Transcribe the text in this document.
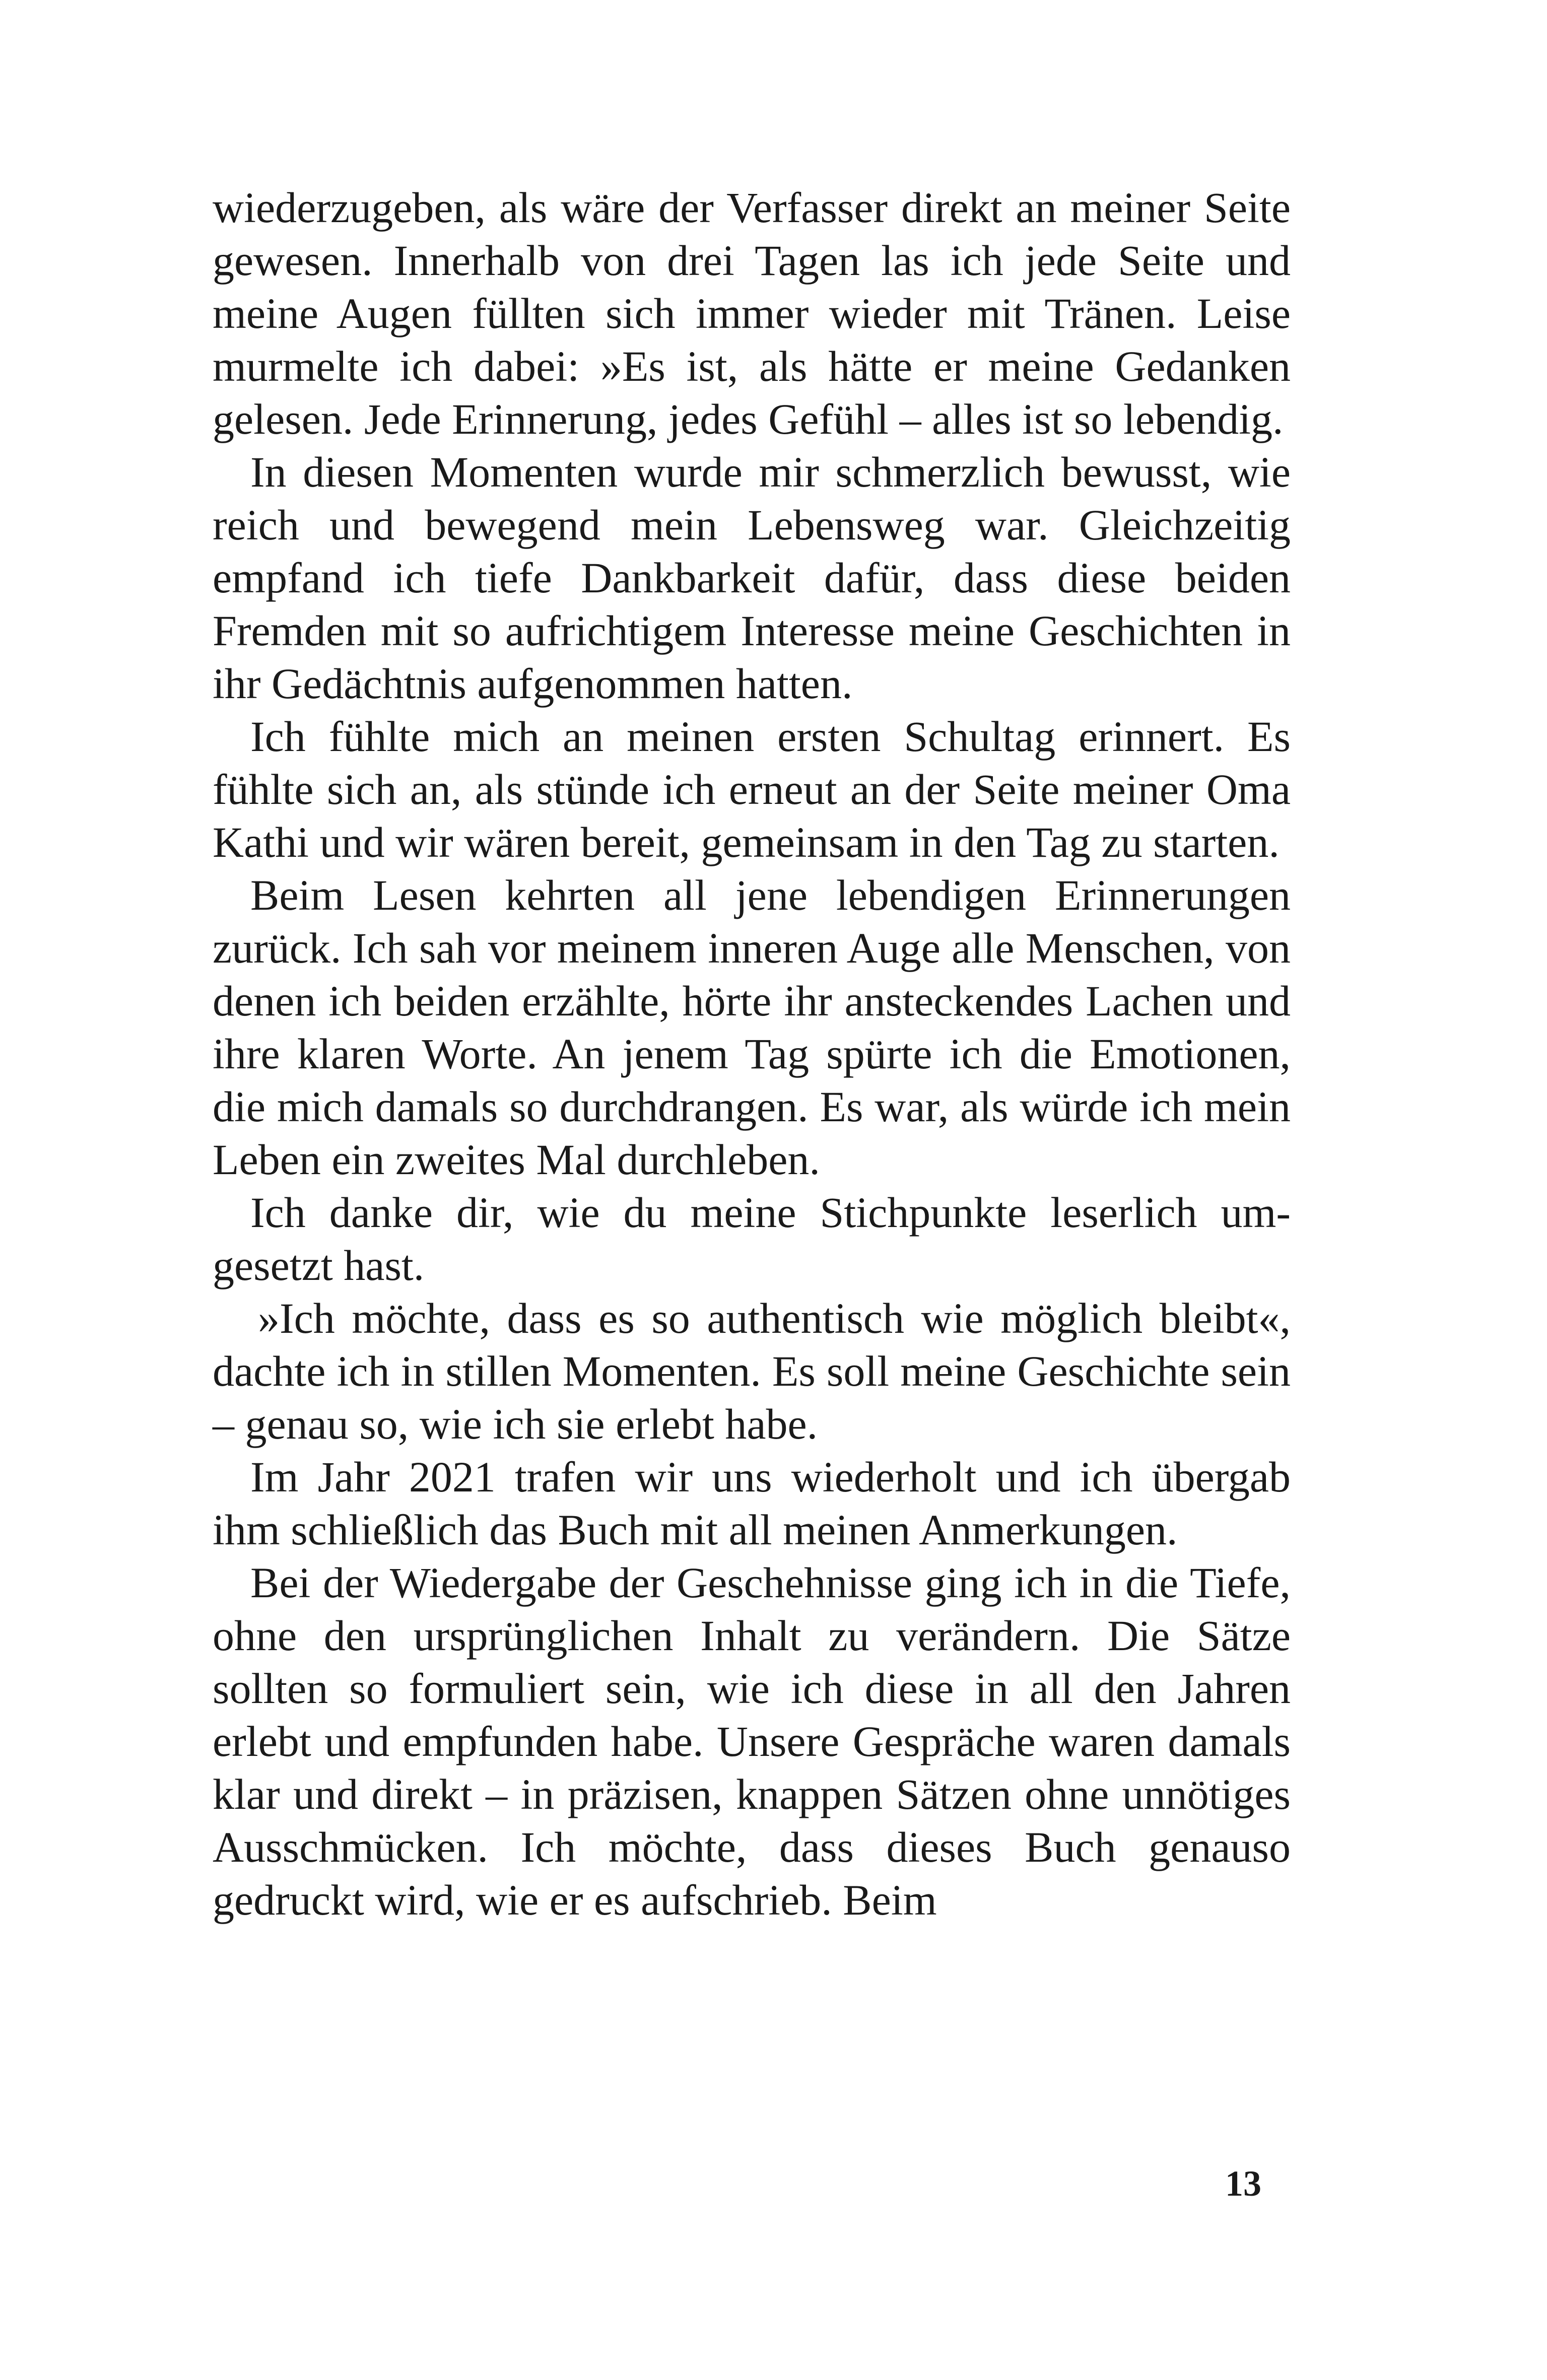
wiederzugeben, als wäre der Verfasser direkt an meiner Seite gewesen. Innerhalb von drei Tagen las ich jede Seite und meine Augen füllten sich immer wieder mit Tränen. Leise murmelte ich dabei: »Es ist, als hätte er meine Gedanken gelesen. Jede Erinnerung, jedes Gefühl – alles ist so lebendig.

In diesen Momenten wurde mir schmerzlich bewusst, wie reich und bewegend mein Lebensweg war. Gleichzeitig empfand ich tiefe Dankbarkeit dafür, dass diese beiden Fremden mit so aufrichtigem Interesse meine Geschichten in ihr Gedächtnis aufgenommen hatten.

Ich fühlte mich an meinen ersten Schultag erinnert. Es fühlte sich an, als stünde ich erneut an der Seite meiner Oma Kathi und wir wären bereit, gemeinsam in den Tag zu starten.

Beim Lesen kehrten all jene lebendigen Erinnerungen zurück. Ich sah vor meinem inneren Auge alle Menschen, von denen ich beiden erzählte, hörte ihr ansteckendes Lachen und ihre klaren Worte. An jenem Tag spürte ich die Emotionen, die mich damals so durchdrangen. Es war, als würde ich mein Leben ein zweites Mal durchleben.

Ich danke dir, wie du meine Stichpunkte leserlich umgesetzt hast.

»Ich möchte, dass es so authentisch wie möglich bleibt«, dachte ich in stillen Momenten. Es soll meine Geschichte sein – genau so, wie ich sie erlebt habe.

Im Jahr 2021 trafen wir uns wiederholt und ich übergab ihm schließlich das Buch mit all meinen Anmerkungen.

Bei der Wiedergabe der Geschehnisse ging ich in die Tiefe, ohne den ursprünglichen Inhalt zu verändern. Die Sätze sollten so formuliert sein, wie ich diese in all den Jahren erlebt und empfunden habe. Unsere Gespräche waren damals klar und direkt – in präzisen, knappen Sätzen ohne unnötiges Ausschmücken. Ich möchte, dass dieses Buch genauso gedruckt wird, wie er es aufschrieb. Beim

13
